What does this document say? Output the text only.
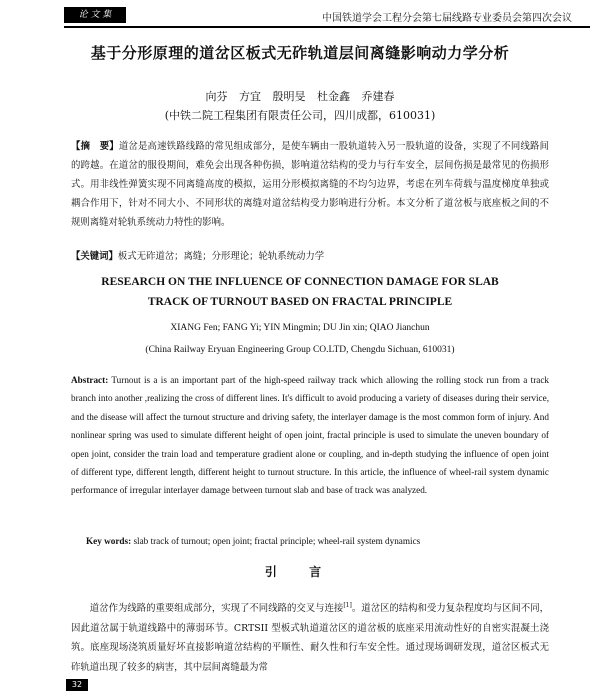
论 文 集	中国铁道学会工程分会第七届线路专业委员会第四次会议
基于分形原理的道岔区板式无砟轨道层间离缝影响动力学分析
向芬 方宜 殷明旻 杜金鑫 乔建春
(中铁二院工程集团有限责任公司，四川成都，610031)
【摘　要】道岔是高速铁路线路的常见组成部分，是使车辆由一股轨道转入另一股轨道的设备，实现了不同线路间的跨越。在道岔的服役期间，难免会出现各种伤损，影响道岔结构的受力与行车安全，层间伤损是最常见的伤损形式。用非线性弹簧实现不同离缝高度的模拟，运用分形模拟离缝的不均匀边界，考虑在列车荷载与温度梯度单独或耦合作用下，针对不同大小、不同形状的离缝对道岔结构受力影响进行分析。本文分析了道岔板与底座板之间的不规则离缝对轮轨系统动力特性的影响。
【关键词】板式无砟道岔；离缝；分形理论；轮轨系统动力学
RESEARCH ON THE INFLUENCE OF CONNECTION DAMAGE FOR SLAB
TRACK OF TURNOUT BASED ON FRACTAL PRINCIPLE
XIANG Fen; FANG Yi; YIN Mingmin; DU Jin xin; QIAO Jianchun
(China Railway Eryuan Engineering Group CO.LTD, Chengdu Sichuan, 610031)
Abstract: Turnout is a is an important part of the high-speed railway track which allowing the rolling stock run from a track branch into another ,realizing the cross of different lines. It's difficult to avoid producing a variety of diseases during their service, and the disease will affect the turnout structure and driving safety, the interlayer damage is the most common form of injury. And nonlinear spring was used to simulate different height of open joint, fractal principle is used to simulate the uneven boundary of open joint, consider the train load and temperature gradient alone or coupling, and in-depth studying the influence of open joint of different type, different length, different height to turnout structure. In this article, the influence of wheel-rail system dynamic performance of irregular interlayer damage between turnout slab and base of track was analyzed.
Key words: slab track of turnout; open joint; fractal principle; wheel-rail system dynamics
引 言
道岔作为线路的重要组成部分，实现了不同线路的交叉与连接[1]。道岔区的结构和受力复杂程度均与区间不同，因此道岔属于轨道线路中的薄弱环节。CRTSII 型板式轨道道岔区的道岔板的底座采用流动性好的自密实混凝土浇筑。底座现场浇筑质量好坏直接影响道岔结构的平顺性、耐久性和行车安全性。通过现场调研发现，道岔区板式无砟轨道出现了较多的病害，其中层间离缝最为常
32
